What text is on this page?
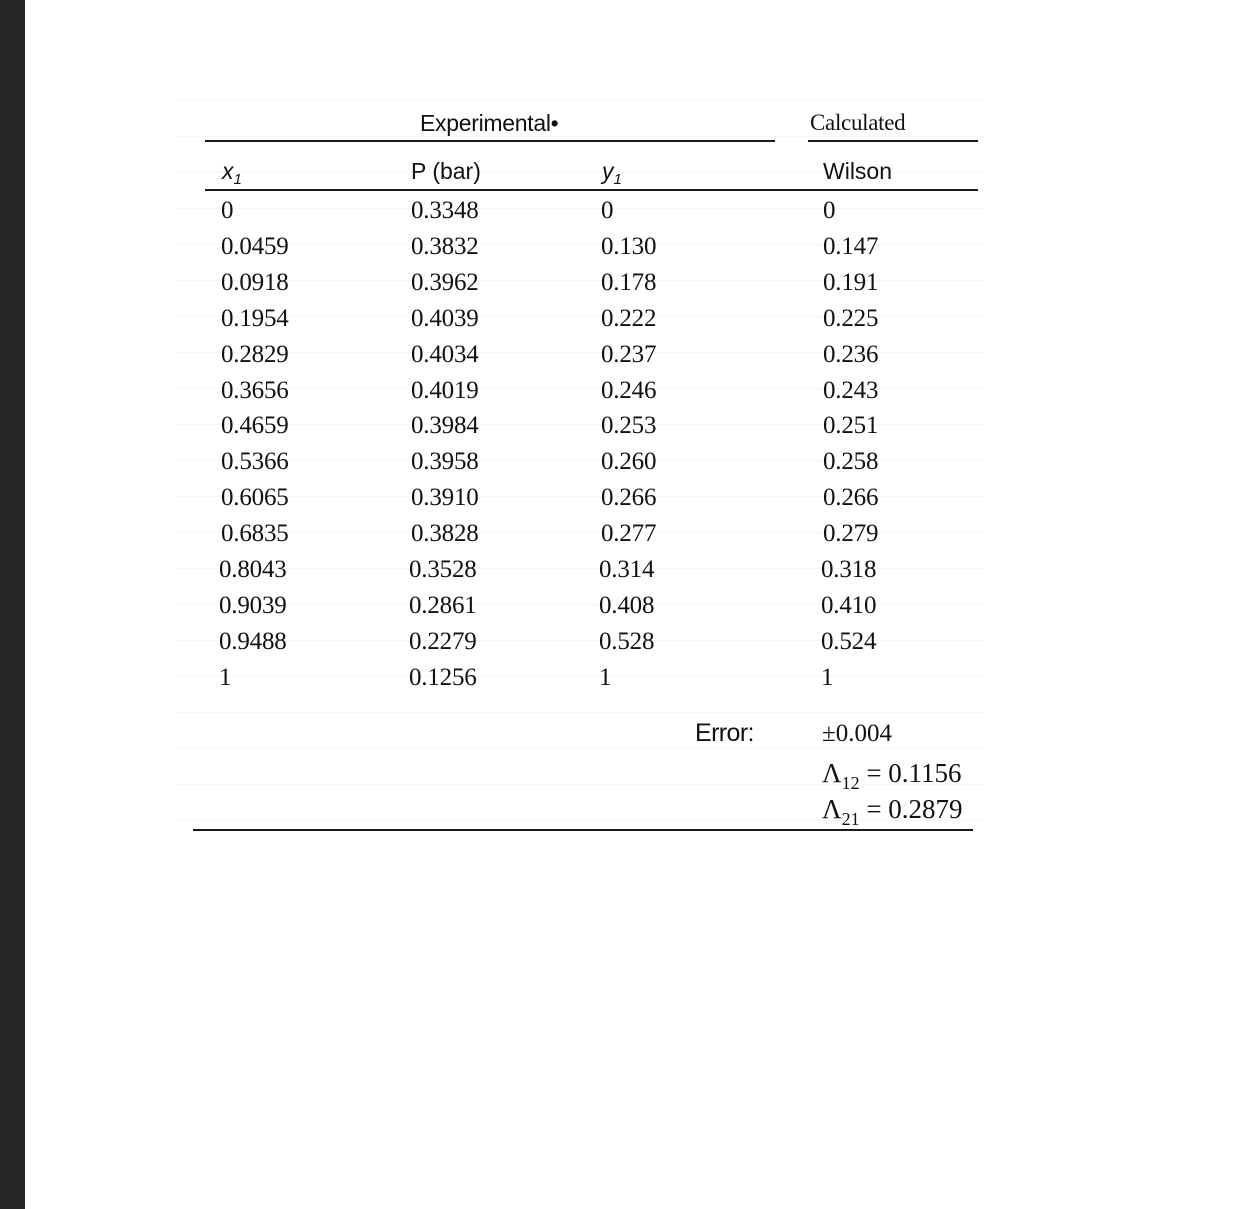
Experimental•	Calculated
$x_1$	P (bar)	$y_1$	Wilson
0	0.3348	0	0
0.0459	0.3832	0.130	0.147
0.0918	0.3962	0.178	0.191
0.1954	0.4039	0.222	0.225
0.2829	0.4034	0.237	0.236
0.3656	0.4019	0.246	0.243
0.4659	0.3984	0.253	0.251
0.5366	0.3958	0.260	0.258
0.6065	0.3910	0.266	0.266
0.6835	0.3828	0.277	0.279
0.8043	0.3528	0.314	0.318
0.9039	0.2861	0.408	0.410
0.9488	0.2279	0.528	0.524
1	0.1256	1	1
Error:	±0.004
$\Lambda_{12} = 0.1156$
$\Lambda_{21} = 0.2879$
